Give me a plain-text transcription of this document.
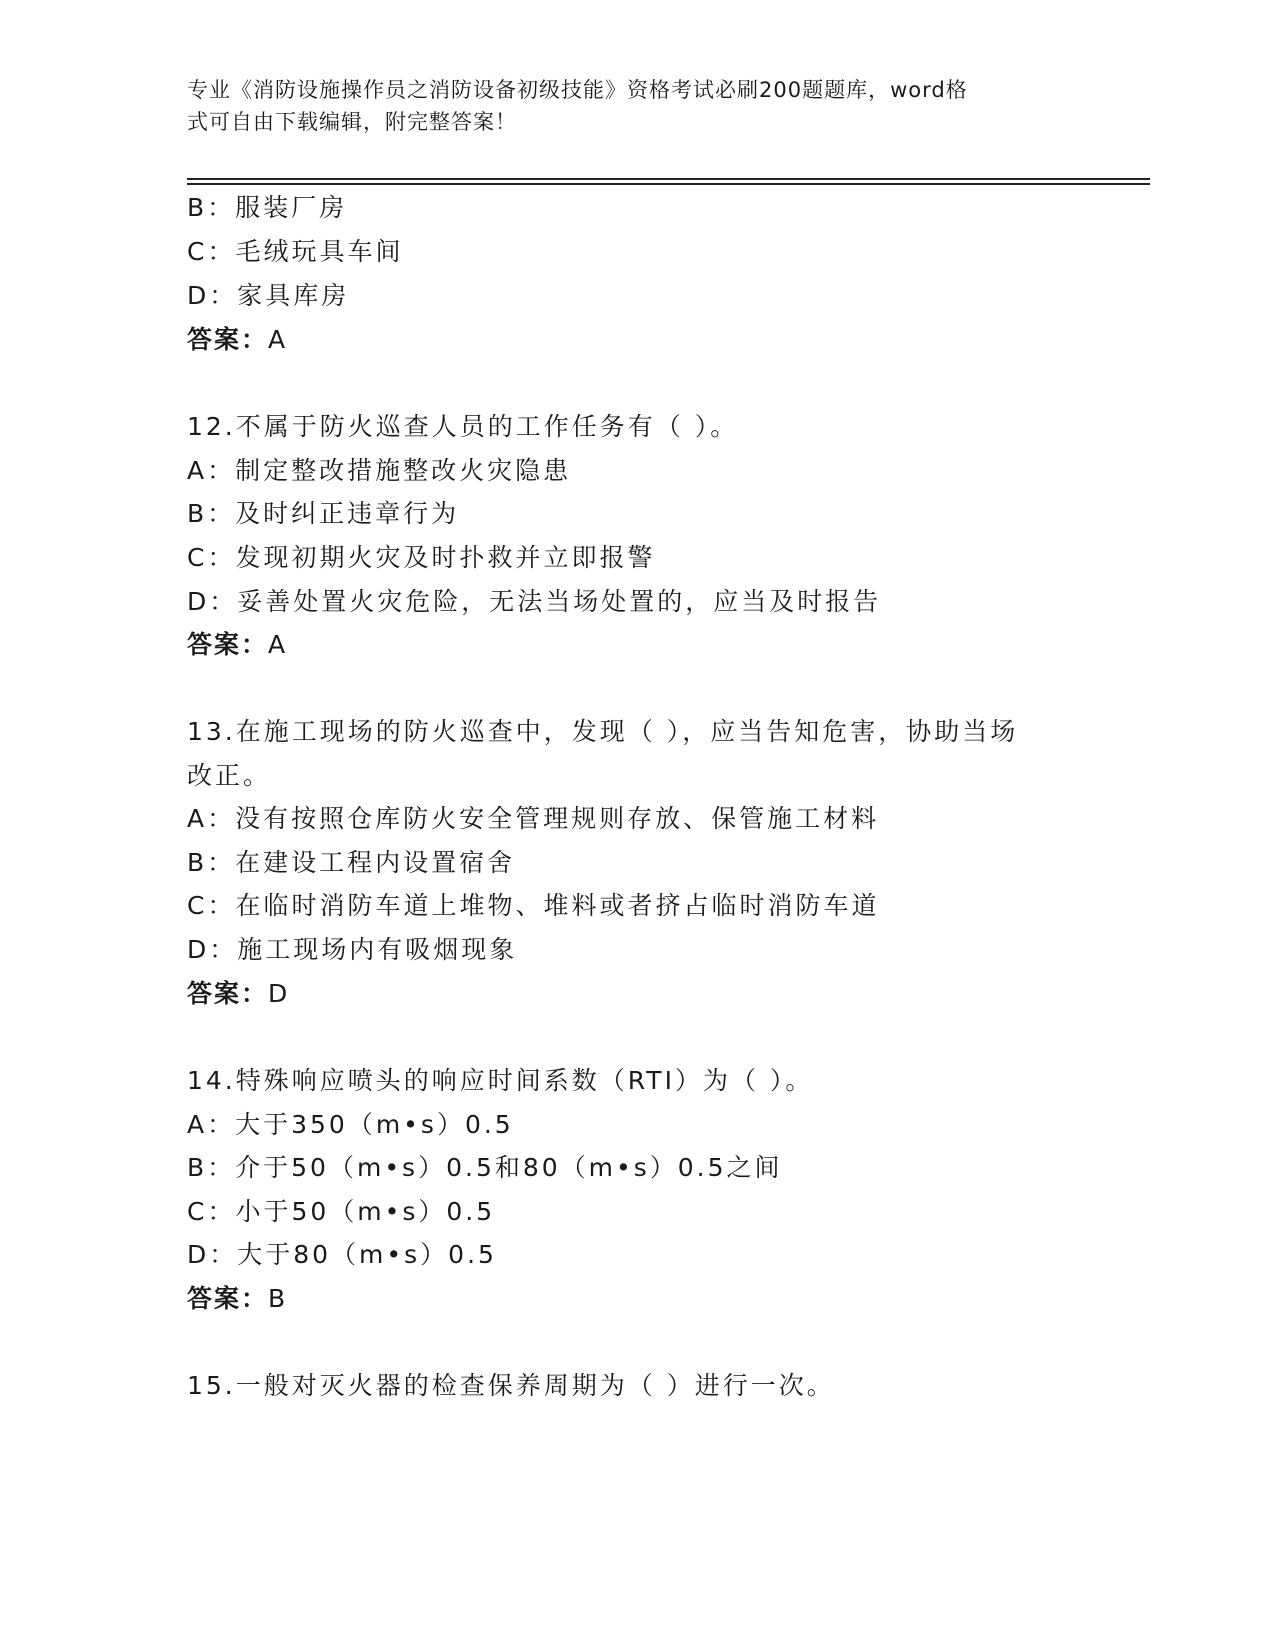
专业《消防设施操作员之消防设备初级技能》资格考试必刷200题题库，word格
式可自由下载编辑，附完整答案！
B：服装厂房
C：毛绒玩具车间
D：家具库房
答案：A
12.不属于防火巡查人员的工作任务有（ ）。
A：制定整改措施整改火灾隐患
B：及时纠正违章行为
C：发现初期火灾及时扑救并立即报警
D：妥善处置火灾危险，无法当场处置的，应当及时报告
答案：A
13.在施工现场的防火巡查中，发现（ ），应当告知危害，协助当场
改正。
A：没有按照仓库防火安全管理规则存放、保管施工材料
B：在建设工程内设置宿舍
C：在临时消防车道上堆物、堆料或者挤占临时消防车道
D：施工现场内有吸烟现象
答案：D
14.特殊响应喷头的响应时间系数（RTI）为（ ）。
A：大于350（m•s）0.5
B：介于50（m•s）0.5和80（m•s）0.5之间
C：小于50（m•s）0.5
D：大于80（m•s）0.5
答案：B
15.一般对灭火器的检查保养周期为（ ）进行一次。
